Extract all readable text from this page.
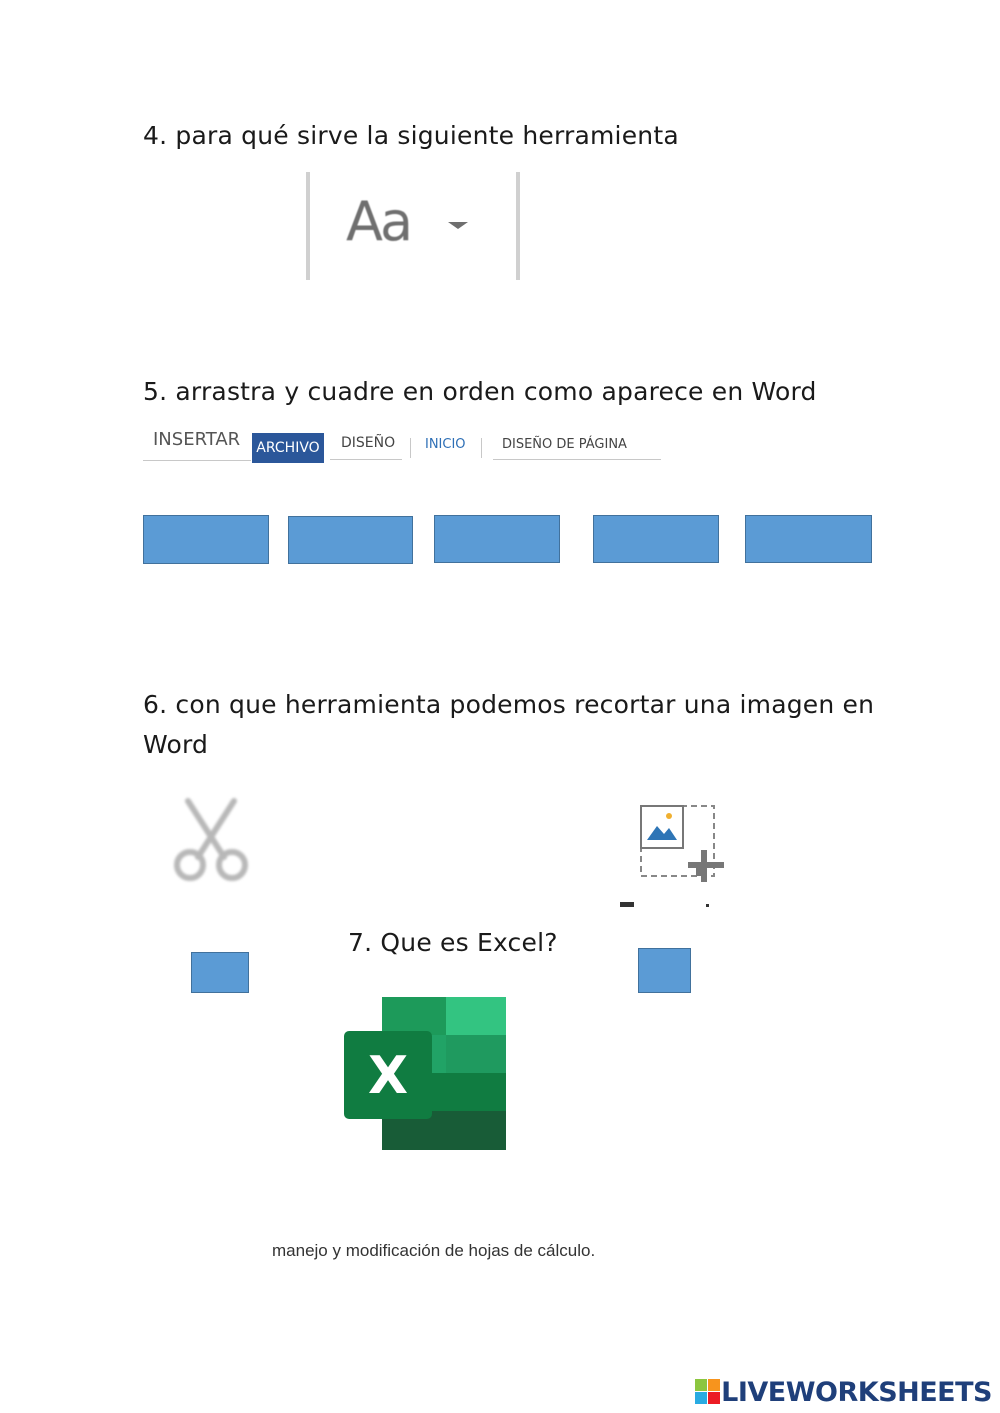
4. para qué sirve la siguiente herramienta
Aa
5. arrastra y cuadre en orden como aparece en Word
INSERTAR	ARCHIVO	DISEÑO INICIO	DISEÑO DE PÁGINA
6. con que herramienta podemos recortar una imagen en
Word
7. Que es Excel?
X
manejo y modificación de hojas de cálculo.
LIVEWORKSHEETS
